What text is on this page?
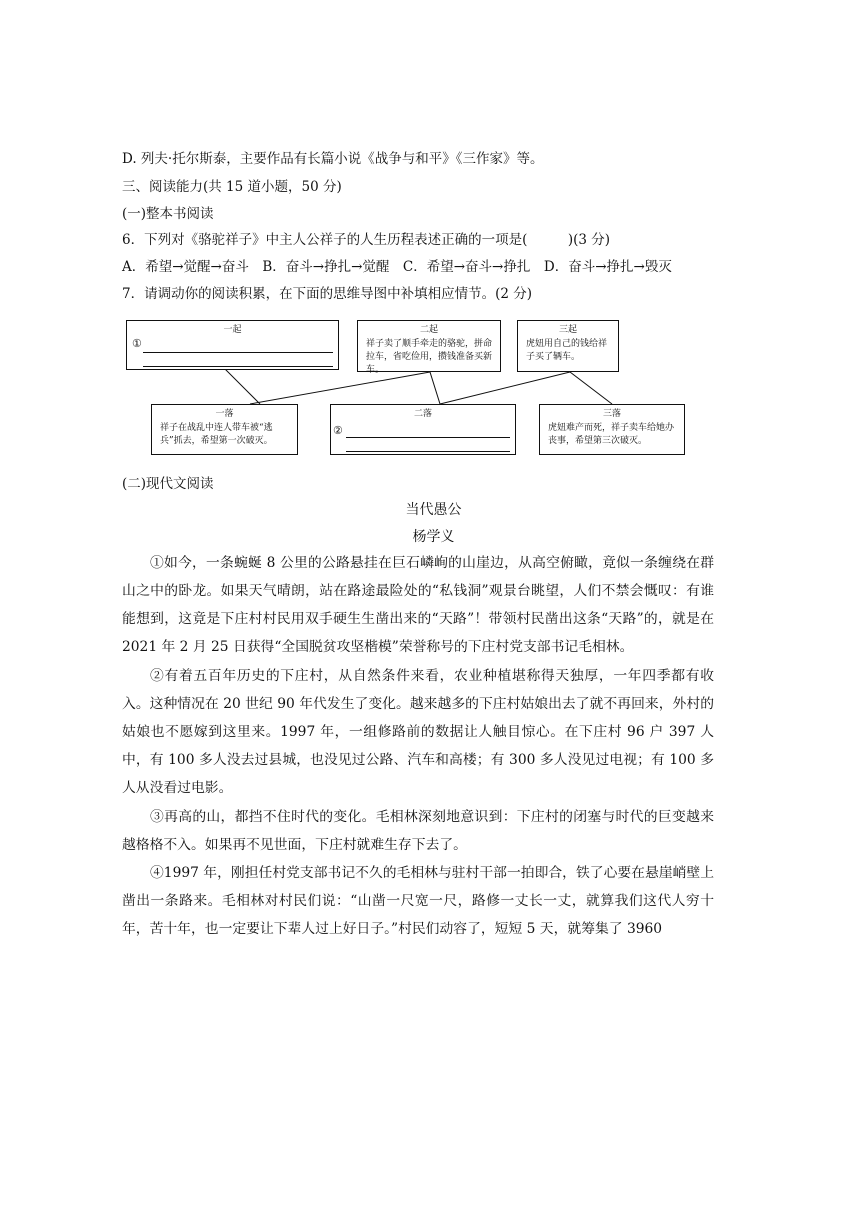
D. 列夫·托尔斯泰，主要作品有长篇小说《战争与和平》《三作家》等。
三、阅读能力(共 15 道小题，50 分)
(一)整本书阅读
6．下列对《骆驼祥子》中主人公祥子的人生历程表述正确的一项是(　　　)(3 分)
A．希望→觉醒→奋斗　B．奋斗→挣扎→觉醒　C．希望→奋斗→挣扎　D．奋斗→挣扎→毁灭
7．请调动你的阅读积累，在下面的思维导图中补填相应情节。(2 分)
一起
①
二起
祥子卖了顺手牵走的骆驼，拼命拉车，省吃俭用，攒钱准备买新车。
三起
虎妞用自己的钱给祥子买了辆车。
一落
祥子在战乱中连人带车被“逃兵”抓去，希望第一次破灭。
二落
②
三落
虎妞难产而死，祥子卖车给她办丧事，希望第三次破灭。
(二)现代文阅读
当代愚公
杨学义
①如今，一条蜿蜒 8 公里的公路悬挂在巨石嶙峋的山崖边，从高空俯瞰，竟似一条缠绕在群山之中的卧龙。如果天气晴朗，站在路途最险处的“私钱洞”观景台眺望，人们不禁会慨叹：有谁能想到，这竟是下庄村村民用双手硬生生凿出来的“天路”！带领村民凿出这条“天路”的，就是在 2021 年 2 月 25 日获得“全国脱贫攻坚楷模”荣誉称号的下庄村党支部书记毛相林。
②有着五百年历史的下庄村，从自然条件来看，农业种植堪称得天独厚，一年四季都有收入。这种情况在 20 世纪 90 年代发生了变化。越来越多的下庄村姑娘出去了就不再回来，外村的姑娘也不愿嫁到这里来。1997 年，一组修路前的数据让人触目惊心。在下庄村 96 户 397 人中，有 100 多人没去过县城，也没见过公路、汽车和高楼；有 300 多人没见过电视；有 100 多人从没看过电影。
③再高的山，都挡不住时代的变化。毛相林深刻地意识到：下庄村的闭塞与时代的巨变越来越格格不入。如果再不见世面，下庄村就难生存下去了。
④1997 年，刚担任村党支部书记不久的毛相林与驻村干部一拍即合，铁了心要在悬崖峭壁上凿出一条路来。毛相林对村民们说：“山凿一尺宽一尺，路修一丈长一丈，就算我们这代人穷十年，苦十年，也一定要让下辈人过上好日子。”村民们动容了，短短 5 天，就筹集了 3960
